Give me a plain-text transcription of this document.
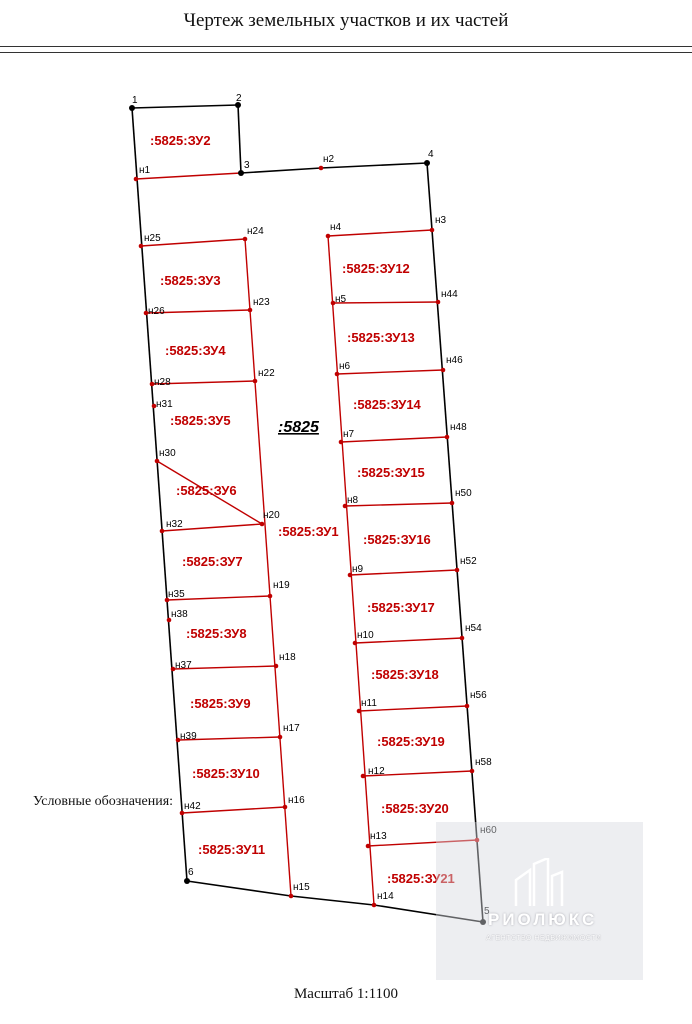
Чертеж земельных участков и их частей
1	2
3
4
5
6
н1
н2
н3
н4
н5
н6
н7
н8
н9
н10
н11
н12
н13
н14
н15
н16
н17
н18
н19
н20
н22
н23
н24
н25
н26
н28
н30
н31
н32
н35
н37
н38
н39
н42
н44
н46
н48
н50
н52
н54
н56
н58
н60
:5825:ЗУ1
:5825:ЗУ2
:5825:ЗУ3
:5825:ЗУ4
:5825:ЗУ5
:5825:ЗУ6
:5825:ЗУ7
:5825:ЗУ8
:5825:ЗУ9
:5825:ЗУ10
:5825:ЗУ11
:5825:ЗУ12
:5825:ЗУ13
:5825:ЗУ14
:5825:ЗУ15
:5825:ЗУ16
:5825:ЗУ17
:5825:ЗУ18
:5825:ЗУ19
:5825:ЗУ20
:5825:ЗУ21
:5825
Условные обозначения:
РИОЛЮКС
АГЕНТСТВО НЕДВИЖИМОСТИ
Масштаб 1:1100
